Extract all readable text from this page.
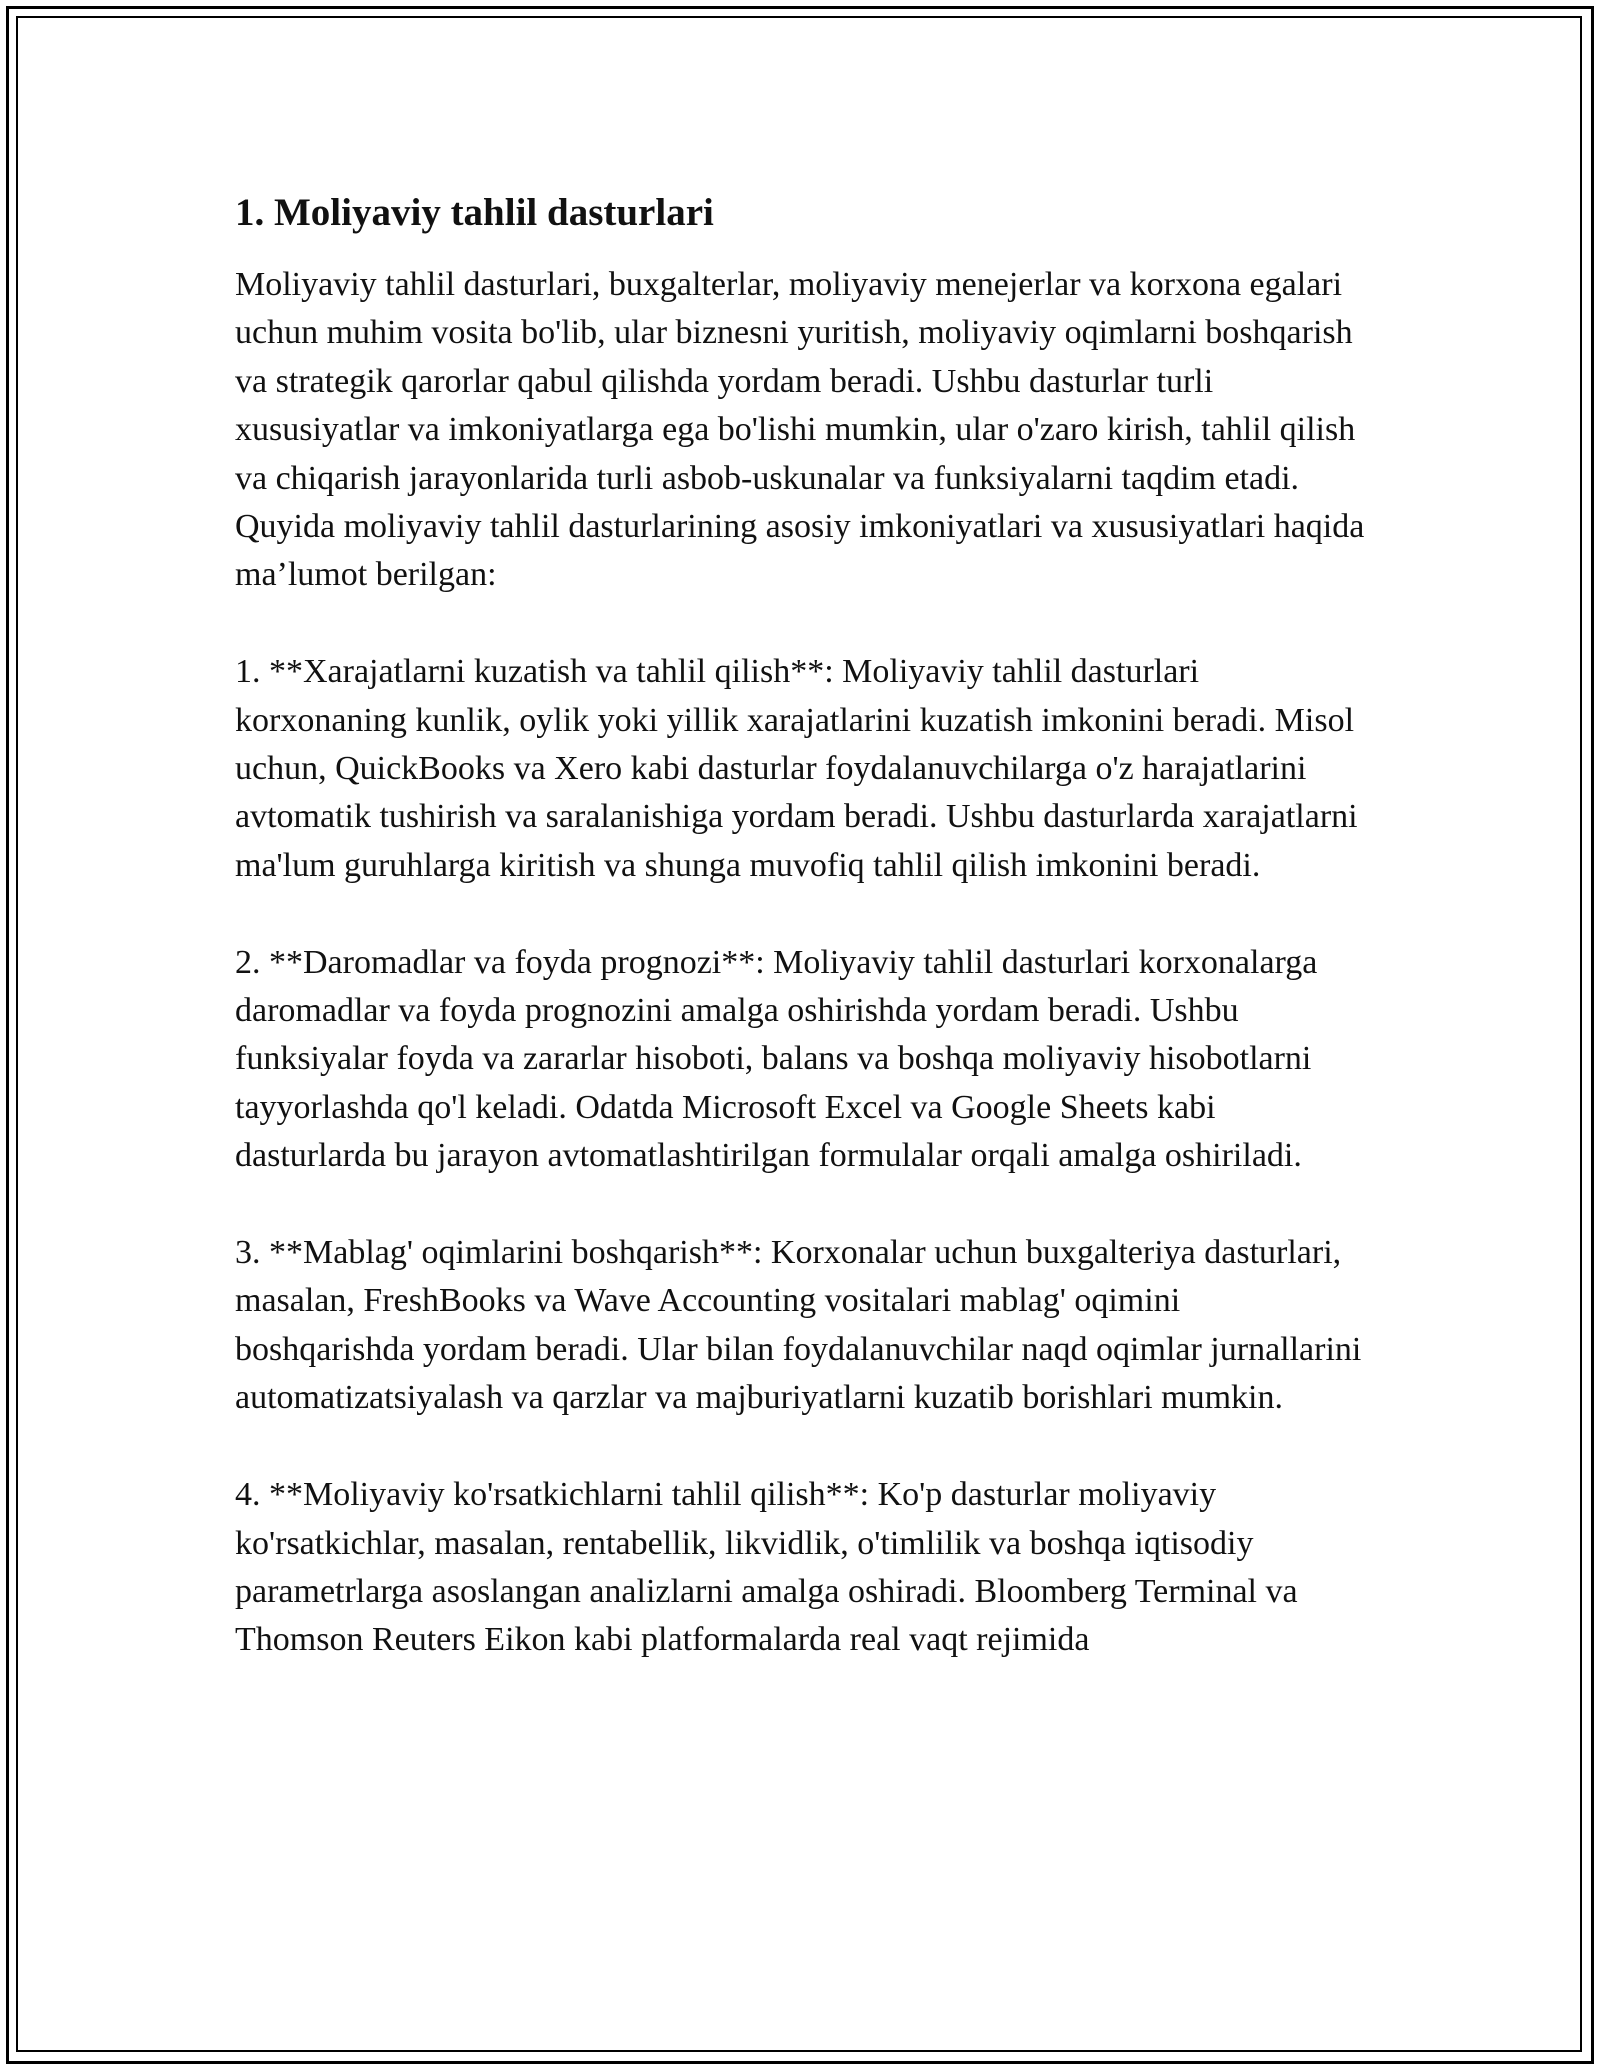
1. Moliyaviy tahlil dasturlari

Moliyaviy tahlil dasturlari, buxgalterlar, moliyaviy menejerlar va korxona egalari uchun muhim vosita bo'lib, ular biznesni yuritish, moliyaviy oqimlarni boshqarish va strategik qarorlar qabul qilishda yordam beradi. Ushbu dasturlar turli xususiyatlar va imkoniyatlarga ega bo'lishi mumkin, ular o'zaro kirish, tahlil qilish va chiqarish jarayonlarida turli asbob-uskunalar va funksiyalarni taqdim etadi. Quyida moliyaviy tahlil dasturlarining asosiy imkoniyatlari va xususiyatlari haqida ma’lumot berilgan:

1. **Xarajatlarni kuzatish va tahlil qilish**: Moliyaviy tahlil dasturlari korxonaning kunlik, oylik yoki yillik xarajatlarini kuzatish imkonini beradi. Misol uchun, QuickBooks va Xero kabi dasturlar foydalanuvchilarga o'z harajatlarini avtomatik tushirish va saralanishiga yordam beradi. Ushbu dasturlarda xarajatlarni ma'lum guruhlarga kiritish va shunga muvofiq tahlil qilish imkonini beradi.

2. **Daromadlar va foyda prognozi**: Moliyaviy tahlil dasturlari korxonalarga daromadlar va foyda prognozini amalga oshirishda yordam beradi. Ushbu funksiyalar foyda va zararlar hisoboti, balans va boshqa moliyaviy hisobotlarni tayyorlashda qo'l keladi. Odatda Microsoft Excel va Google Sheets kabi dasturlarda bu jarayon avtomatlashtirilgan formulalar orqali amalga oshiriladi.

3. **Mablag' oqimlarini boshqarish**: Korxonalar uchun buxgalteriya dasturlari, masalan, FreshBooks va Wave Accounting vositalari mablag' oqimini boshqarishda yordam beradi. Ular bilan foydalanuvchilar naqd oqimlar jurnallarini automatizatsiyalash va qarzlar va majburiyatlarni kuzatib borishlari mumkin.

4. **Moliyaviy ko'rsatkichlarni tahlil qilish**: Ko'p dasturlar moliyaviy ko'rsatkichlar, masalan, rentabellik, likvidlik, o'timlilik va boshqa iqtisodiy parametrlarga asoslangan analizlarni amalga oshiradi. Bloomberg Terminal va Thomson Reuters Eikon kabi platformalarda real vaqt rejimida
